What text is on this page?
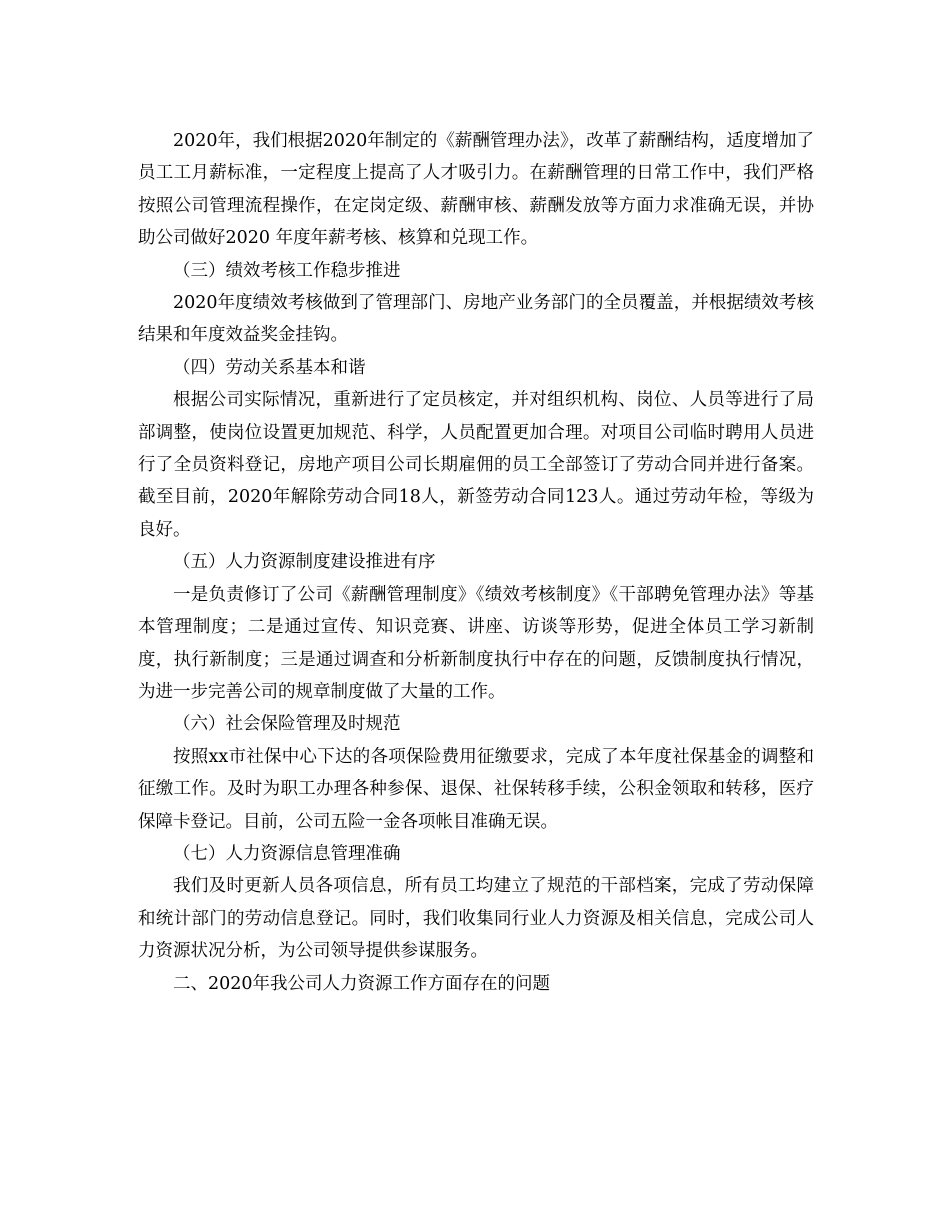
2020年，我们根据2020年制定的《薪酬管理办法》，改革了薪酬结构，适度增加了员工工月薪标准，一定程度上提高了人才吸引力。在薪酬管理的日常工作中，我们严格按照公司管理流程操作，在定岗定级、薪酬审核、薪酬发放等方面力求准确无误，并协助公司做好2020 年度年薪考核、核算和兑现工作。

（三）绩效考核工作稳步推进

2020年度绩效考核做到了管理部门、房地产业务部门的全员覆盖，并根据绩效考核结果和年度效益奖金挂钩。

（四）劳动关系基本和谐

根据公司实际情况，重新进行了定员核定，并对组织机构、岗位、人员等进行了局部调整，使岗位设置更加规范、科学，人员配置更加合理。对项目公司临时聘用人员进行了全员资料登记，房地产项目公司长期雇佣的员工全部签订了劳动合同并进行备案。截至目前，2020年解除劳动合同18人，新签劳动合同123人。通过劳动年检，等级为良好。

（五）人力资源制度建设推进有序

一是负责修订了公司《薪酬管理制度》《绩效考核制度》《干部聘免管理办法》等基本管理制度；二是通过宣传、知识竞赛、讲座、访谈等形势，促进全体员工学习新制度，执行新制度；三是通过调查和分析新制度执行中存在的问题，反馈制度执行情况，为进一步完善公司的规章制度做了大量的工作。

（六）社会保险管理及时规范

按照xx市社保中心下达的各项保险费用征缴要求，完成了本年度社保基金的调整和征缴工作。及时为职工办理各种参保、退保、社保转移手续，公积金领取和转移，医疗保障卡登记。目前，公司五险一金各项帐目准确无误。

（七）人力资源信息管理准确

我们及时更新人员各项信息，所有员工均建立了规范的干部档案，完成了劳动保障和统计部门的劳动信息登记。同时，我们收集同行业人力资源及相关信息，完成公司人力资源状况分析，为公司领导提供参谋服务。

二、2020年我公司人力资源工作方面存在的问题
